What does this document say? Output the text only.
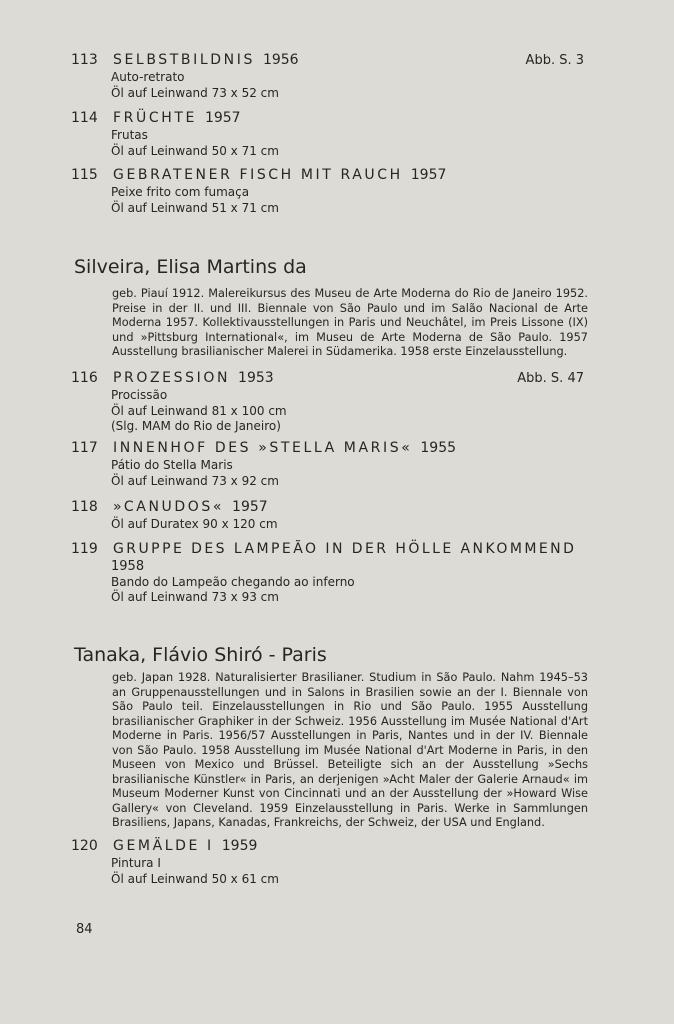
113 SELBSTBILDNIS 1956	Abb. S. 3
Auto-retrato
Öl auf Leinwand 73 x 52 cm
114 FRÜCHTE 1957
Frutas
Öl auf Leinwand 50 x 71 cm
115 GEBRATENER FISCH MIT RAUCH 1957
Peixe frito com fumaça
Öl auf Leinwand 51 x 71 cm
Silveira, Elisa Martins da

geb. Piauí 1912. Malereikursus des Museu de Arte Moderna do Rio de Janeiro 1952. Preise in der II. und III. Biennale von São Paulo und im Salão Nacional de Arte Moderna 1957. Kollektivausstellungen in Paris und Neuchâtel, im Preis Lissone (IX) und »Pittsburg International«, im Museu de Arte Moderna de São Paulo. 1957 Ausstellung brasilianischer Malerei in Südamerika. 1958 erste Einzelausstellung.

116 PROZESSION 1953	Abb. S. 47
Procissão
Öl auf Leinwand 81 x 100 cm
(Slg. MAM do Rio de Janeiro)
117 INNENHOF DES »STELLA MARIS« 1955
Pátio do Stella Maris
Öl auf Leinwand 73 x 92 cm
118 »CANUDOS« 1957
Öl auf Duratex 90 x 120 cm
119 GRUPPE DES LAMPEÃO IN DER HÖLLE ANKOMMEND
1958
Bando do Lampeão chegando ao inferno
Öl auf Leinwand 73 x 93 cm
Tanaka, Flávio Shiró - Paris

geb. Japan 1928. Naturalisierter Brasilianer. Studium in São Paulo. Nahm 1945–53 an Gruppenausstellungen und in Salons in Brasilien sowie an der I. Biennale von São Paulo teil. Einzelausstellungen in Rio und São Paulo. 1955 Ausstellung brasilianischer Graphiker in der Schweiz. 1956 Ausstellung im Musée National d'Art Moderne in Paris. 1956/57 Ausstellungen in Paris, Nantes und in der IV. Biennale von São Paulo. 1958 Ausstellung im Musée National d'Art Moderne in Paris, in den Museen von Mexico und Brüssel. Beteiligte sich an der Ausstellung »Sechs brasilianische Künstler« in Paris, an derjenigen »Acht Maler der Galerie Arnaud« im Museum Moderner Kunst von Cincinnati und an der Ausstellung der »Howard Wise Gallery« von Cleveland. 1959 Einzelausstellung in Paris. Werke in Sammlungen Brasiliens, Japans, Kanadas, Frankreichs, der Schweiz, der USA und England.

120 GEMÄLDE I 1959
Pintura I
Öl auf Leinwand 50 x 61 cm
84
